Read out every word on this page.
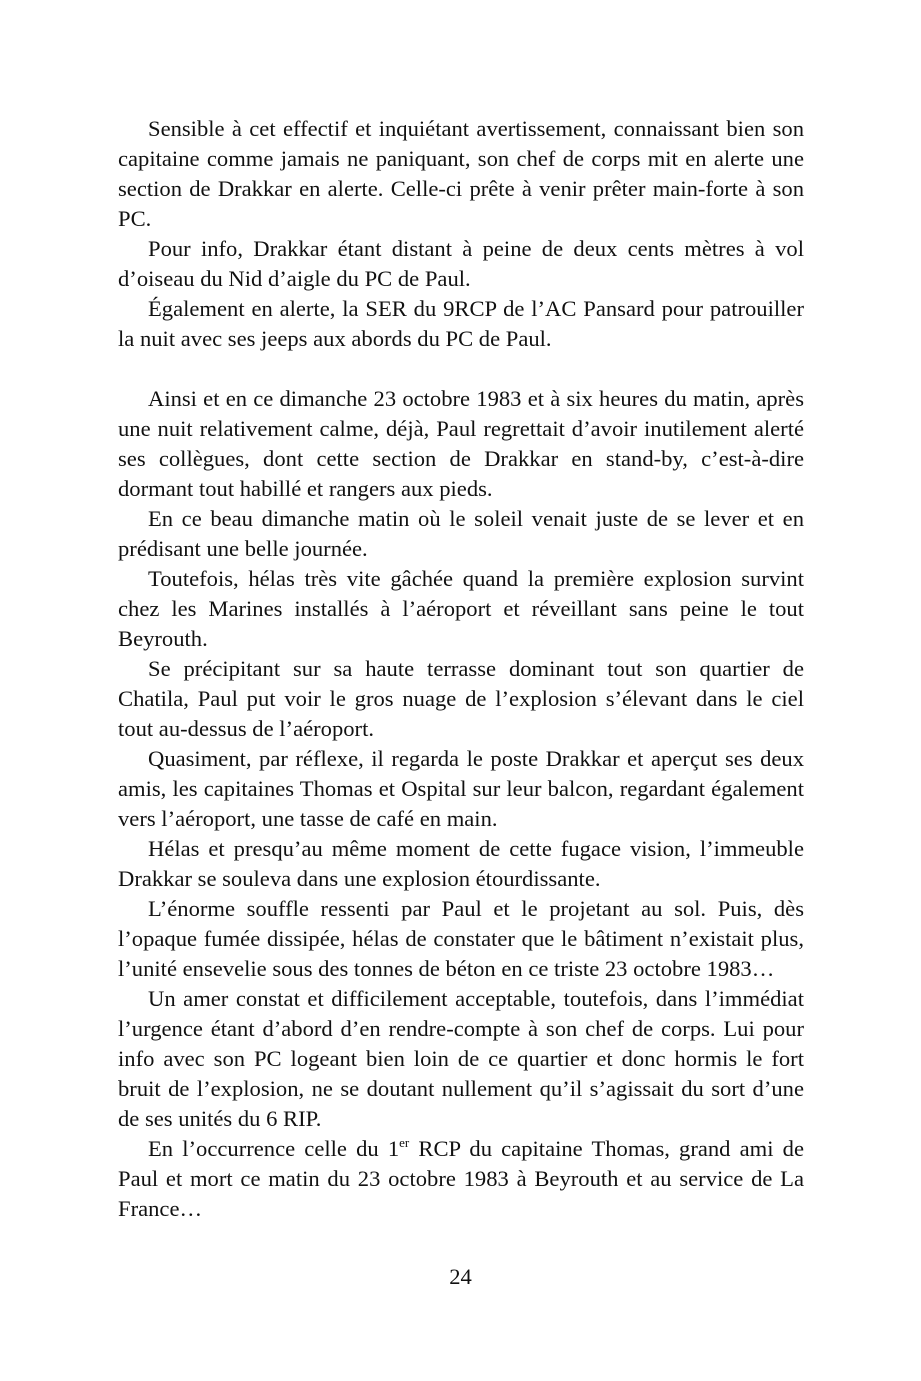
Sensible à cet effectif et inquiétant avertissement, connaissant bien son capitaine comme jamais ne paniquant, son chef de corps mit en alerte une section de Drakkar en alerte. Celle-ci prête à venir prêter main-forte à son PC.

Pour info, Drakkar étant distant à peine de deux cents mètres à vol d’oiseau du Nid d’aigle du PC de Paul.

Également en alerte, la SER du 9RCP de l’AC Pansard pour patrouiller la nuit avec ses jeeps aux abords du PC de Paul.

Ainsi et en ce dimanche 23 octobre 1983 et à six heures du matin, après une nuit relativement calme, déjà, Paul regrettait d’avoir inutilement alerté ses collègues, dont cette section de Drakkar en stand-by, c’est-à-dire dormant tout habillé et rangers aux pieds.

En ce beau dimanche matin où le soleil venait juste de se lever et en prédisant une belle journée.

Toutefois, hélas très vite gâchée quand la première explosion survint chez les Marines installés à l’aéroport et réveillant sans peine le tout Beyrouth.

Se précipitant sur sa haute terrasse dominant tout son quartier de Chatila, Paul put voir le gros nuage de l’explosion s’élevant dans le ciel tout au-dessus de l’aéroport.

Quasiment, par réflexe, il regarda le poste Drakkar et aperçut ses deux amis, les capitaines Thomas et Ospital sur leur balcon, regardant également vers l’aéroport, une tasse de café en main.

Hélas et presqu’au même moment de cette fugace vision, l’immeuble Drakkar se souleva dans une explosion étourdissante.

L’énorme souffle ressenti par Paul et le projetant au sol. Puis, dès l’opaque fumée dissipée, hélas de constater que le bâtiment n’existait plus, l’unité ensevelie sous des tonnes de béton en ce triste 23 octobre 1983…

Un amer constat et difficilement acceptable, toutefois, dans l’immédiat l’urgence étant d’abord d’en rendre-compte à son chef de corps. Lui pour info avec son PC logeant bien loin de ce quartier et donc hormis le fort bruit de l’explosion, ne se doutant nullement qu’il s’agissait du sort d’une de ses unités du 6 RIP.

En l’occurrence celle du 1er RCP du capitaine Thomas, grand ami de Paul et mort ce matin du 23 octobre 1983 à Beyrouth et au service de La France…

24
